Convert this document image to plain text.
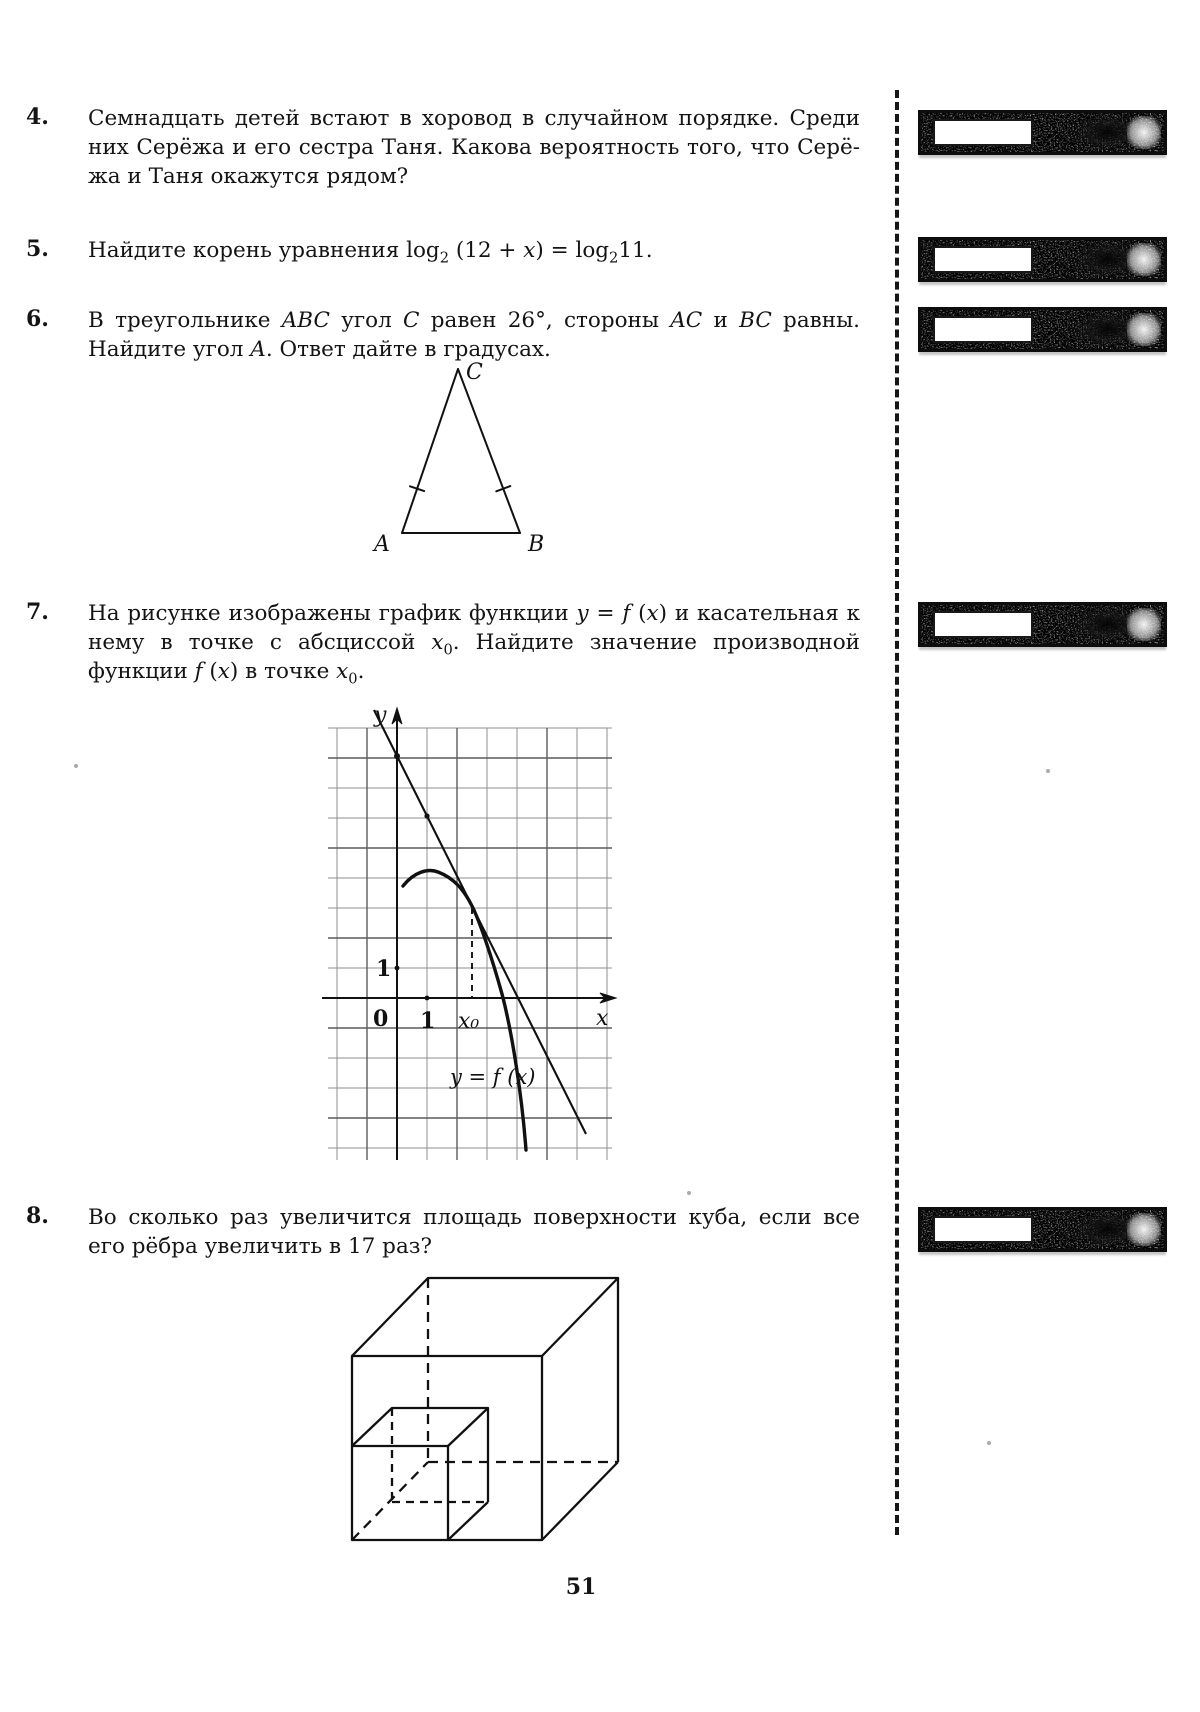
4.	Семнадцать детей встают в хоровод в случайном порядке. Среди
них Серёжа и его сестра Таня. Какова вероятность того, что Серё-
жа и Таня окажутся рядом?
5.	Найдите корень уравнения $\log_2 (12 + x) = \log_211$.
6.	В треугольнике ABC угол C равен 26°, стороны AC и BC равны.
Найдите угол A. Ответ дайте в градусах.
C
A	B
7.	На рисунке изображены график функции y = f (x) и касательная к
нему в точке с абсциссой $x_0$. Найдите значение производной
функции f (x) в точке $x_0$.
y
x
0
1
1 x₀
y = f (x)
8.	Во сколько раз увеличится площадь поверхности куба, если все
его рёбра увеличить в 17 раз?
51
